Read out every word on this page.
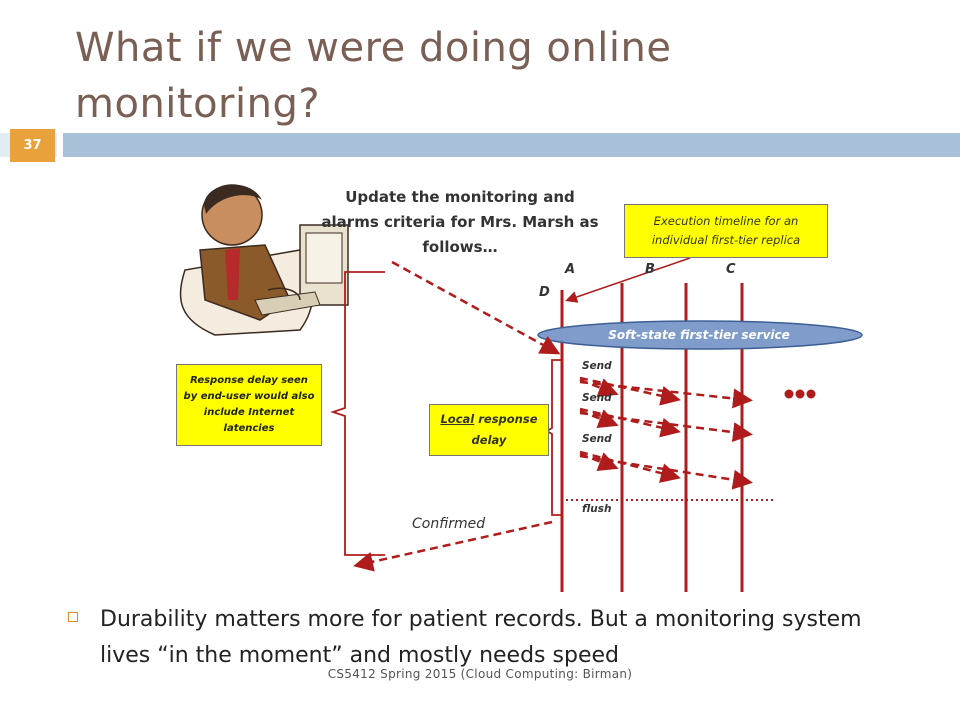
What if we were doing online monitoring?
37
Update the monitoring and alarms criteria for Mrs. Marsh as follows…
Execution timeline for an individual first-tier replica
Response delay seen by end-user would also include Internet latencies
Local response delay
Soft-state first-tier service
A	B	C
D
Send
Send
Send
flush
Confirmed
Durability matters more for patient records. But a monitoring system lives “in the moment” and mostly needs speed
CS5412 Spring 2015 (Cloud Computing: Birman)
